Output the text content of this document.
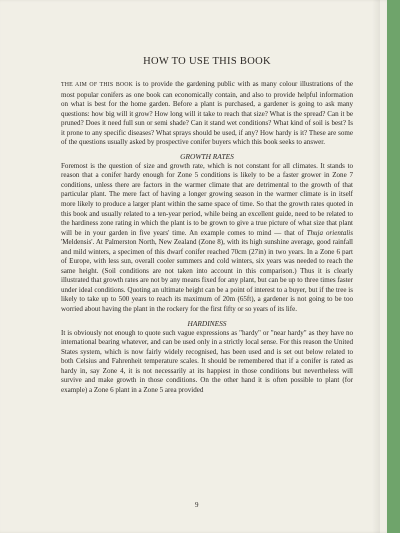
HOW TO USE THIS BOOK

THE AIM OF THIS BOOK is to provide the gardening public with as many colour illustrations of the most popular conifers as one book can economically contain, and also to provide helpful information on what is best for the home garden. Before a plant is purchased, a gardener is going to ask many questions: how big will it grow? How long will it take to reach that size? What is the spread? Can it be pruned? Does it need full sun or semi shade? Can it stand wet conditions? What kind of soil is best? Is it prone to any specific diseases? What sprays should be used, if any? How hardy is it? These are some of the questions usually asked by prospective conifer buyers which this book seeks to answer.

GROWTH RATES

Foremost is the question of size and growth rate, which is not constant for all climates. It stands to reason that a conifer hardy enough for Zone 5 conditions is likely to be a faster grower in Zone 7 conditions, unless there are factors in the warmer climate that are detrimental to the growth of that particular plant. The mere fact of having a longer growing season in the warmer climate is in itself more likely to produce a larger plant within the same space of time. So that the growth rates quoted in this book and usually related to a ten-year period, while being an excellent guide, need to be related to the hardiness zone rating in which the plant is to be grown to give a true picture of what size that plant will be in your garden in five years' time. An example comes to mind — that of Thuja orientalis 'Meldensis'. At Palmerston North, New Zealand (Zone 8), with its high sunshine average, good rainfall and mild winters, a specimen of this dwarf conifer reached 70cm (27in) in two years. In a Zone 6 part of Europe, with less sun, overall cooler summers and cold winters, six years was needed to reach the same height. (Soil conditions are not taken into account in this comparison.) Thus it is clearly illustrated that growth rates are not by any means fixed for any plant, but can be up to three times faster under ideal conditions. Quoting an ultimate height can be a point of interest to a buyer, but if the tree is likely to take up to 500 years to reach its maximum of 20m (65ft), a gardener is not going to be too worried about having the plant in the rockery for the first fifty or so years of its life.

HARDINESS

It is obviously not enough to quote such vague expressions as "hardy" or "near hardy" as they have no international bearing whatever, and can be used only in a strictly local sense. For this reason the United States system, which is now fairly widely recognised, has been used and is set out below related to both Celsius and Fahrenheit temperature scales. It should be remembered that if a conifer is rated as hardy in, say Zone 4, it is not necessarily at its happiest in those conditions but nevertheless will survive and make growth in those conditions. On the other hand it is often possible to plant (for example) a Zone 6 plant in a Zone 5 area provided

9
